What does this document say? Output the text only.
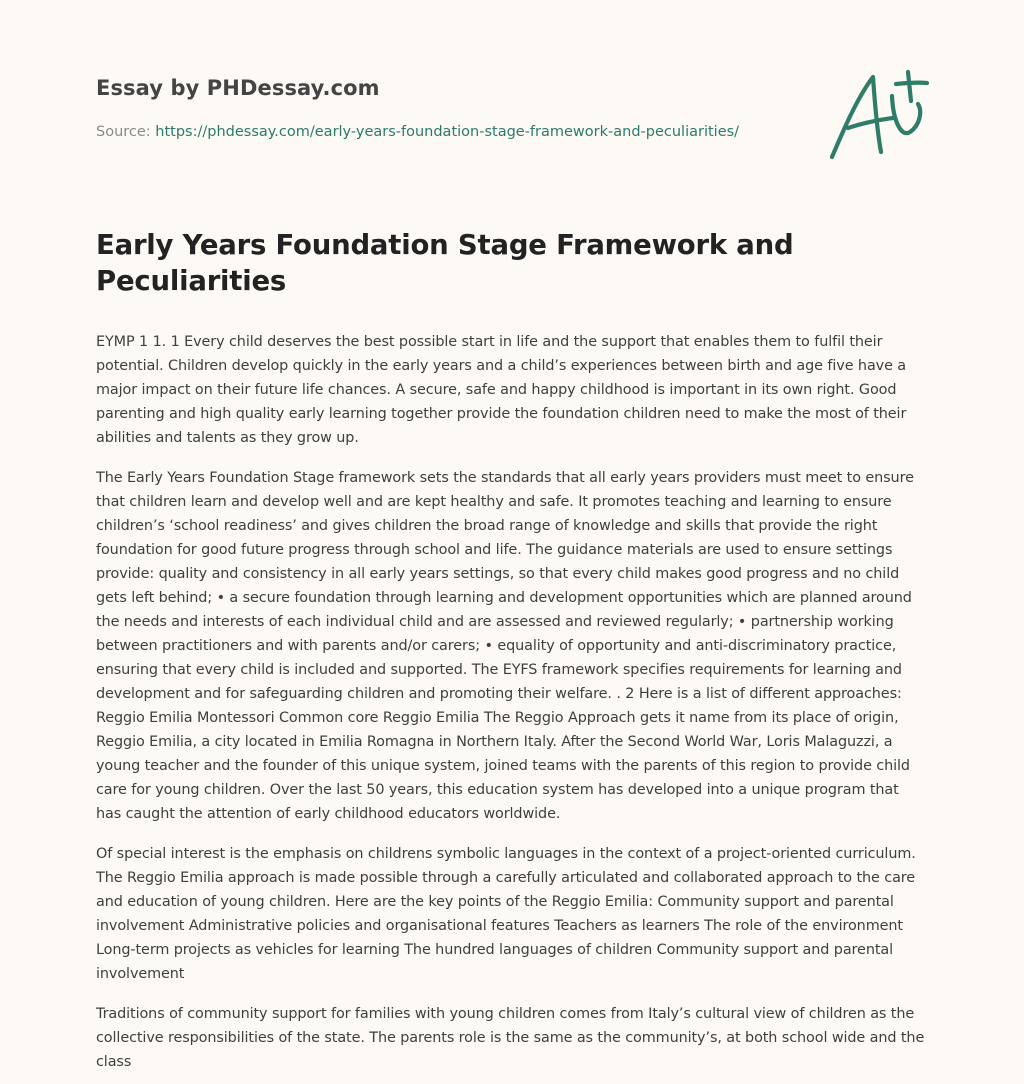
Essay by PHDessay.com
Source: https://phdessay.com/early-years-foundation-stage-framework-and-peculiarities/
Early Years Foundation Stage Framework and Peculiarities

EYMP 1 1. 1 Every child deserves the best possible start in life and the support that enables them to fulfil their potential. Children develop quickly in the early years and a child’s experiences between birth and age five have a major impact on their future life chances. A secure, safe and happy childhood is important in its own right. Good parenting and high quality early learning together provide the foundation children need to make the most of their abilities and talents as they grow up.

The Early Years Foundation Stage framework sets the standards that all early years providers must meet to ensure that children learn and develop well and are kept healthy and safe. It promotes teaching and learning to ensure children’s ‘school readiness’ and gives children the broad range of knowledge and skills that provide the right foundation for good future progress through school and life. The guidance materials are used to ensure settings provide: quality and consistency in all early years settings, so that every child makes good progress and no child gets left behind; • a secure foundation through learning and development opportunities which are planned around the needs and interests of each individual child and are assessed and reviewed regularly; • partnership working between practitioners and with parents and/or carers; • equality of opportunity and anti-discriminatory practice, ensuring that every child is included and supported. The EYFS framework specifies requirements for learning and development and for safeguarding children and promoting their welfare. . 2 Here is a list of different approaches: Reggio Emilia Montessori Common core Reggio Emilia The Reggio Approach gets it name from its place of origin, Reggio Emilia, a city located in Emilia Romagna in Northern Italy. After the Second World War, Loris Malaguzzi, a young teacher and the founder of this unique system, joined teams with the parents of this region to provide child care for young children. Over the last 50 years, this education system has developed into a unique program that has caught the attention of early childhood educators worldwide.

Of special interest is the emphasis on childrens symbolic languages in the context of a project-oriented curriculum. The Reggio Emilia approach is made possible through a carefully articulated and collaborated approach to the care and education of young children. Here are the key points of the Reggio Emilia: Community support and parental involvement Administrative policies and organisational features Teachers as learners The role of the environment Long-term projects as vehicles for learning The hundred languages of children Community support and parental involvement

Traditions of community support for families with young children comes from Italy’s cultural view of children as the collective responsibilities of the state. The parents role is the same as the community’s, at both school wide and the class
